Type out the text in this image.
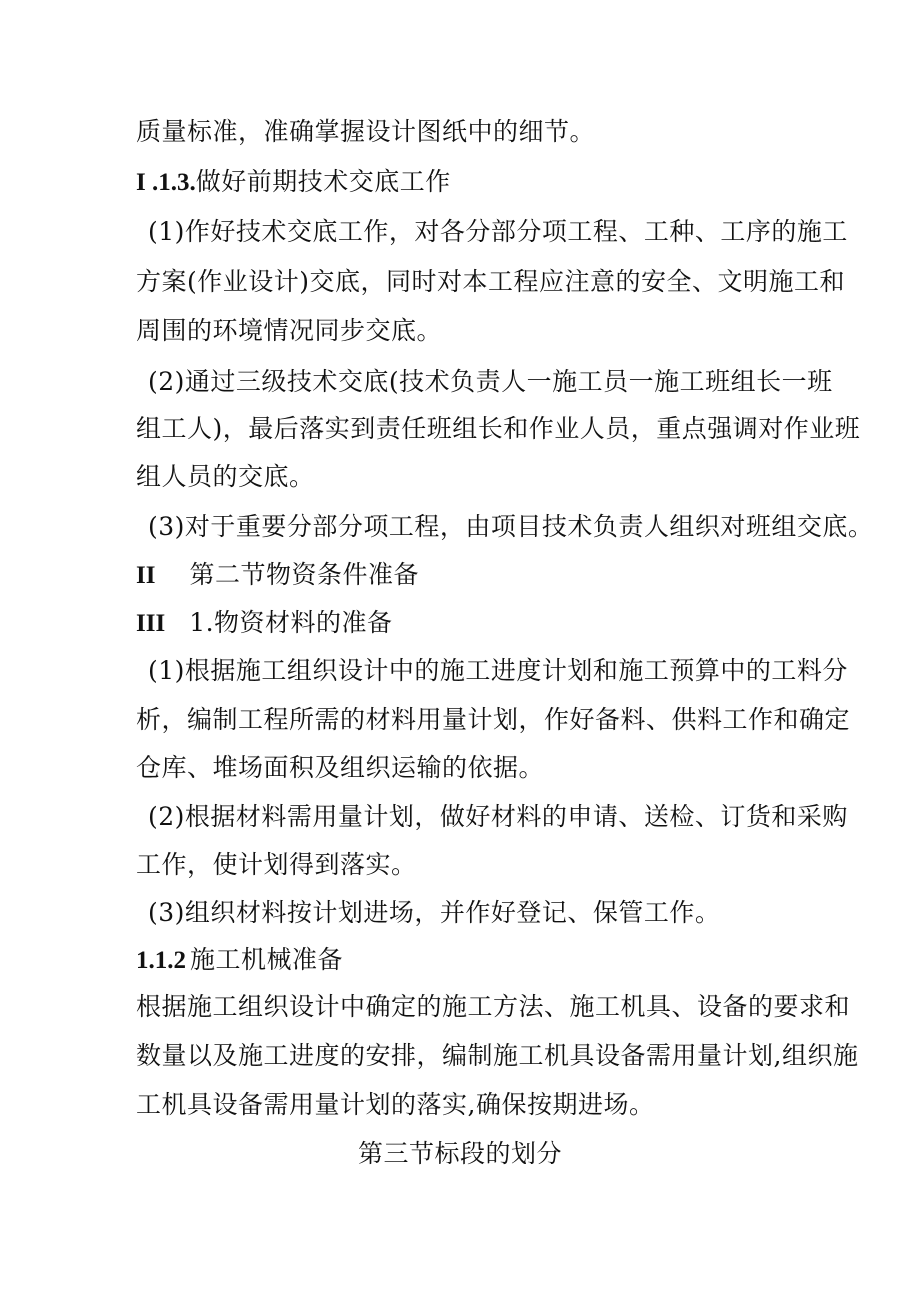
质量标准，准确掌握设计图纸中的细节。
I .1.3.做好前期技术交底工作
(1)作好技术交底工作，对各分部分项工程、工种、工序的施工
方案(作业设计)交底，同时对本工程应注意的安全、文明施工和
周围的环境情况同步交底。
(2)通过三级技术交底(技术负责人一施工员一施工班组长一班
组工人)，最后落实到责任班组长和作业人员，重点强调对作业班
组人员的交底。
(3)对于重要分部分项工程，由项目技术负责人组织对班组交底。
II 第二节物资条件准备
III 1.物资材料的准备
(1)根据施工组织设计中的施工进度计划和施工预算中的工料分
析，编制工程所需的材料用量计划，作好备料、供料工作和确定
仓库、堆场面积及组织运输的依据。
(2)根据材料需用量计划，做好材料的申请、送检、订货和采购
工作，使计划得到落实。
(3)组织材料按计划进场，并作好登记、保管工作。
1.1.2 施工机械准备
根据施工组织设计中确定的施工方法、施工机具、设备的要求和
数量以及施工进度的安排，编制施工机具设备需用量计划,组织施
工机具设备需用量计划的落实,确保按期进场。
第三节标段的划分
